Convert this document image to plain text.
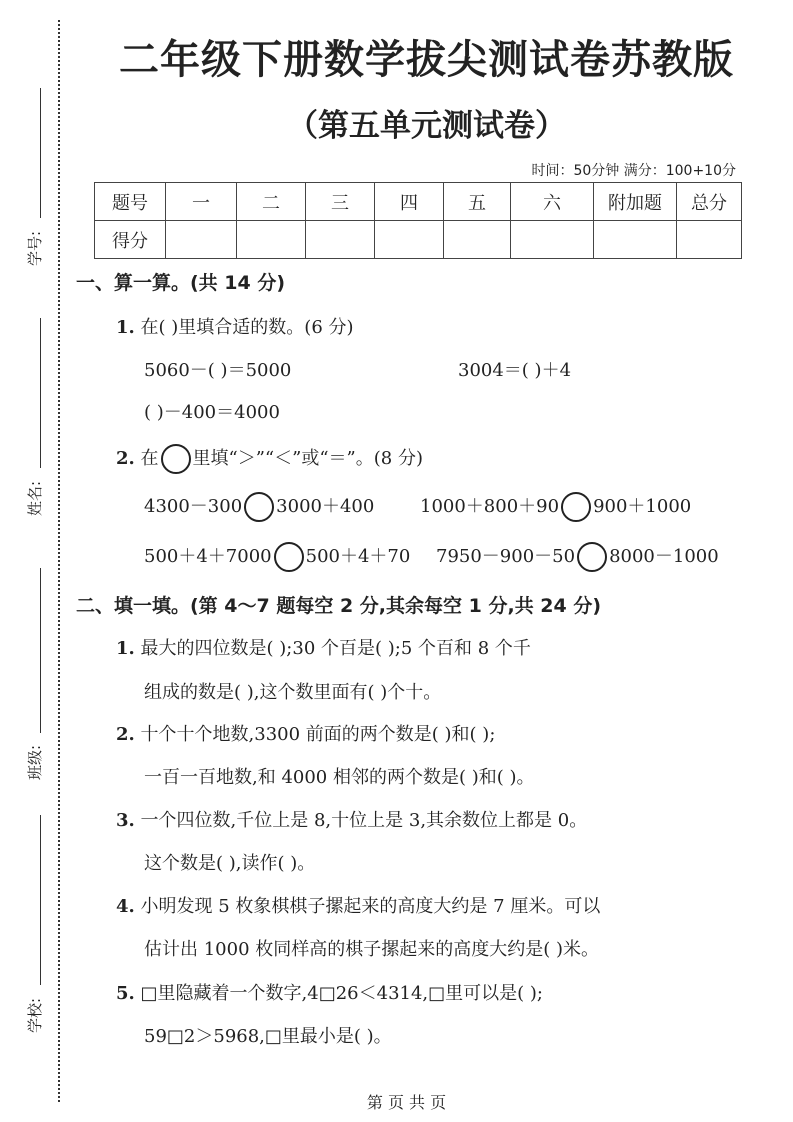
学号:
姓名:
班级:
学校:
二年级下册数学拔尖测试卷苏教版
（第五单元测试卷）
时间：50分钟 满分：100+10分
题号	一	二	三	四	五	六	附加题	总分
得分								
一、算一算。(共 14 分)
1. 在( )里填合适的数。(6 分)
5060－( )＝5000	3004＝( )＋4
( )－400＝4000
2. 在 里填“＞”“＜”或“＝”。(8 分)
4300－300 3000＋400	1000＋800＋90 900＋1000
500＋4＋7000 500＋4＋70 7950－900－50 8000－1000
二、填一填。(第 4～7 题每空 2 分,其余每空 1 分,共 24 分)
1. 最大的四位数是( );30 个百是( );5 个百和 8 个千
组成的数是( ),这个数里面有( )个十。
2. 十个十个地数,3300 前面的两个数是( )和( );
一百一百地数,和 4000 相邻的两个数是( )和( )。
3. 一个四位数,千位上是 8,十位上是 3,其余数位上都是 0。
这个数是( ),读作( )。
4. 小明发现 5 枚象棋棋子摞起来的高度大约是 7 厘米。可以
估计出 1000 枚同样高的棋子摞起来的高度大约是( )米。
5. □里隐藏着一个数字,4□26＜4314,□里可以是( );
59□2＞5968,□里最小是( )。
第 页 共 页
